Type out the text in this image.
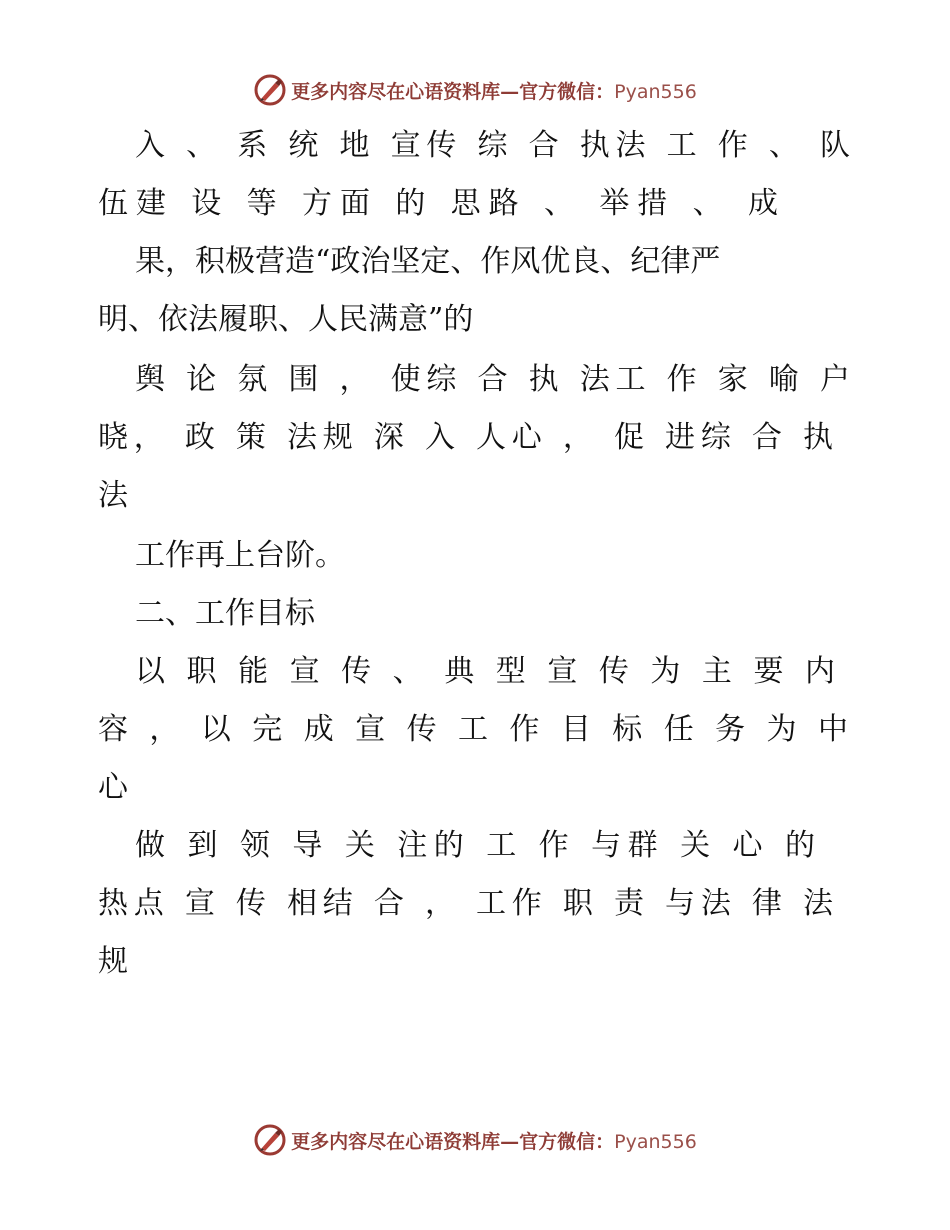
更多内容尽在心语资料库—官方微信：Pyan556
入 、 系 统 地 宣传 综 合 执法 工 作 、 队
伍建 设 等 方面 的 思路 、 举措 、 成
果，积极营造“政治坚定、作风优良、纪律严
明、依法履职、人民满意”的
舆 论 氛 围 ， 使综 合 执 法工 作 家 喻 户
晓， 政 策 法规 深 入 人心 ， 促 进综 合 执
法
工作再上台阶。
二、工作目标
以 职 能 宣 传 、 典 型 宣 传 为 主 要 内
容 ， 以 完 成 宣 传 工 作 目 标 任 务 为 中
心
做 到 领 导 关 注的 工 作 与群 关 心 的
热点 宣 传 相结 合 ， 工作 职 责 与法 律 法
规
更多内容尽在心语资料库—官方微信：Pyan556
